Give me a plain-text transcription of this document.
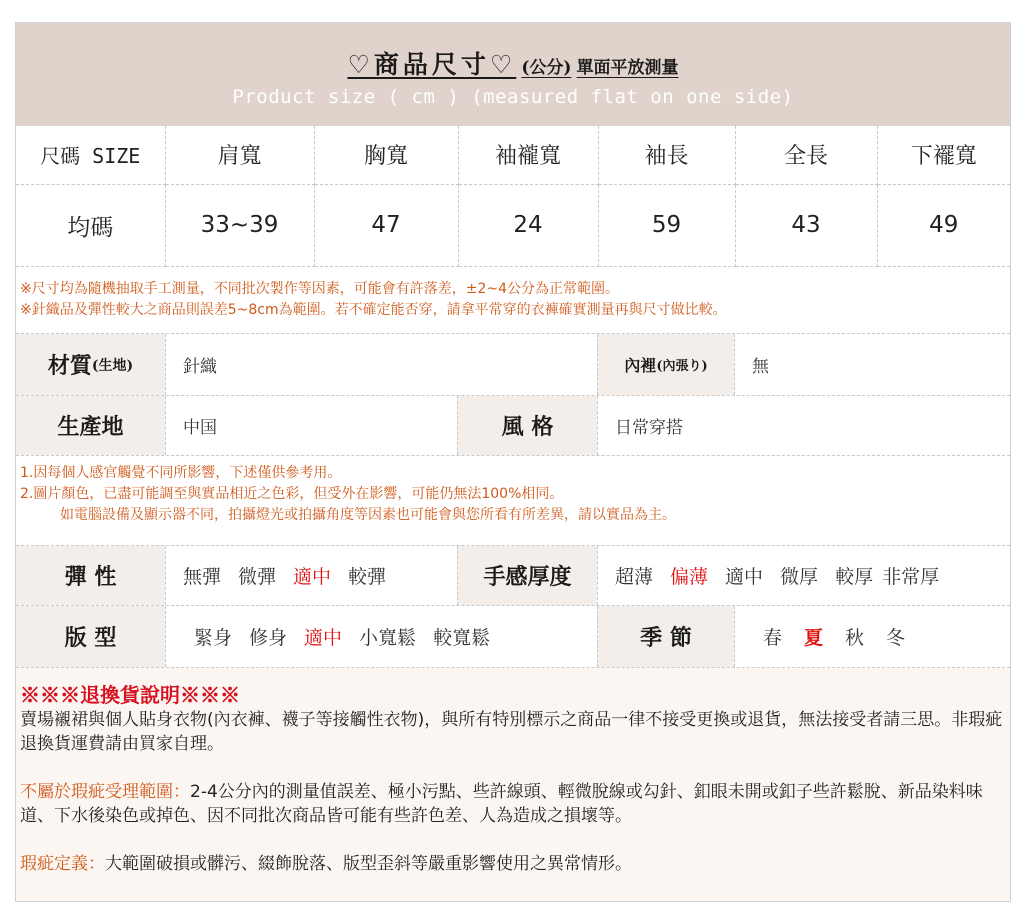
♡商品尺寸♡ (公分) 單面平放測量
Product size ( cm ) (measured flat on one side)
尺碼 SIZE	肩寬	胸寬	袖襱寬	袖長	全長	下襬寬
均碼	33~39	47	24	59	43	49
※尺寸均為隨機抽取手工測量，不同批次製作等因素，可能會有許落差，±2~4公分為正常範圍。
※針織品及彈性較大之商品則誤差5~8cm為範圍。若不確定能否穿，請拿平常穿的衣褲確實測量再與尺寸做比較。
材質 (生地)	針織	內裡 (內張り)	無
生產地	中国	風 格	日常穿搭
1.因每個人感官觸覺不同所影響，下述僅供參考用。
2.圖片顏色，已盡可能調至與實品相近之色彩，但受外在影響，可能仍無法100%相同。
如電腦設備及顯示器不同，拍攝燈光或拍攝角度等因素也可能會與您所看有所差異，請以實品為主。
彈 性	無彈 微彈 適中 較彈	手感厚度	超薄 偏薄 適中 微厚 較厚 非常厚
版 型	緊身 修身 適中 小寬鬆 較寬鬆	季 節	春 夏 秋 冬
※※※退換貨說明※※※
賣場襯裙與個人貼身衣物(內衣褲、襪子等接觸性衣物)，與所有特別標示之商品一律不接受更換或退貨，無法接受者請三思。非瑕疵退換貨運費請由買家自理。
不屬於瑕疵受理範圍：2-4公分內的測量值誤差、極小污點、些許線頭、輕微脫線或勾針、釦眼未開或釦子些許鬆脫、新品染料味道、下水後染色或掉色、因不同批次商品皆可能有些許色差、人為造成之損壞等。
瑕疵定義：大範圍破損或髒污、綴飾脫落、版型歪斜等嚴重影響使用之異常情形。
